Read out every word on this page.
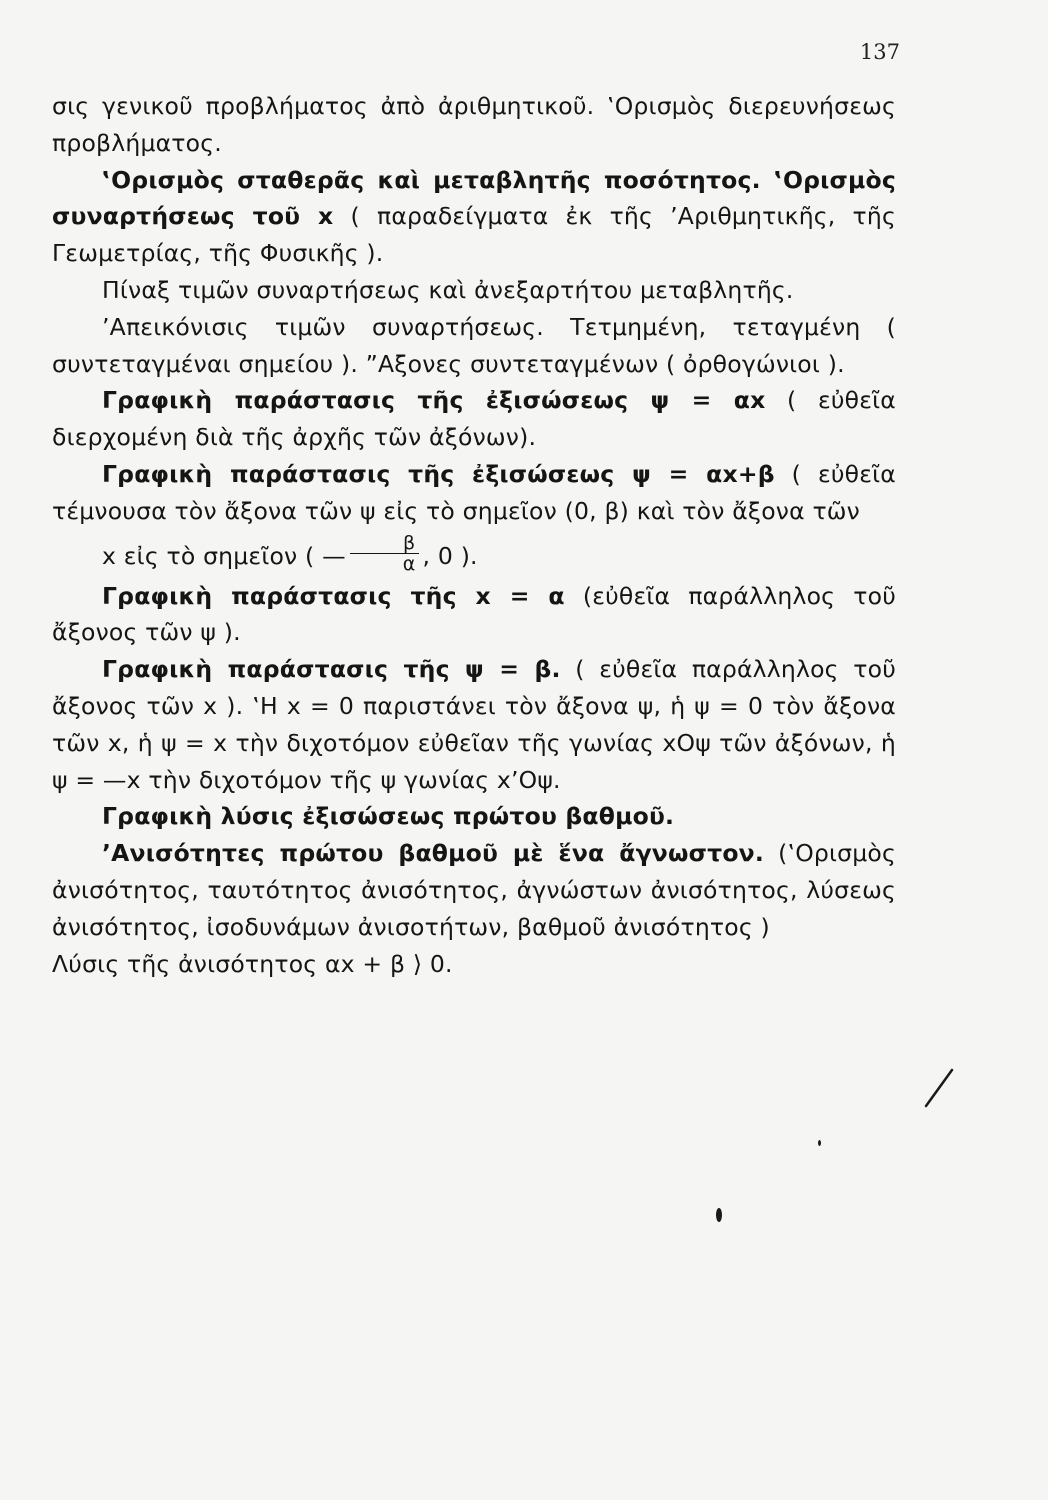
137

σις γενικοῦ προβλήματος ἀπὸ ἀριθμητικοῦ. ‛Ορισμὸς διερευνήσεως προβλήματος.

‛Ορισμὸς σταθερᾶς καὶ μεταβλητῆς ποσότητος. ‛Ορισμὸς συναρτήσεως τοῦ x ( παραδείγματα ἐκ τῆς ’Αριθμητικῆς, τῆς Γεωμετρίας, τῆς Φυσικῆς ).

Πίναξ τιμῶν συναρτήσεως καὶ ἀνεξαρτήτου μεταβλητῆς.

’Απεικόνισις τιμῶν συναρτήσεως. Τετμημένη, τεταγμένη ( συντεταγμέναι σημείου ). ”Αξονες συντεταγμένων ( ὀρθογώνιοι ).

Γραφικὴ παράστασις τῆς ἐξισώσεως ψ = αx ( εὐθεῖα διερχομένη διὰ τῆς ἀρχῆς τῶν ἀξόνων).

Γραφικὴ παράστασις τῆς ἐξισώσεως ψ = αx+β ( εὐθεῖα τέμνουσα τὸν ἄξονα τῶν ψ εἰς τὸ σημεῖον (0, β) καὶ τὸν ἄξονα τῶν
x εἰς τὸ σημεῖον ( — $\frac{\beta}{\alpha}$ , 0 ).

Γραφικὴ παράστασις τῆς x = α (εὐθεῖα παράλληλος τοῦ ἄξονος τῶν ψ ).

Γραφικὴ παράστασις τῆς ψ = β. ( εὐθεῖα παράλληλος τοῦ ἄξονος τῶν x ). ‛Η x = 0 παριστάνει τὸν ἄξονα ψ, ἡ ψ = 0 τὸν ἄξονα τῶν x, ἡ ψ = x τὴν διχοτόμον εὐθεῖαν τῆς γωνίας xOψ τῶν ἀξόνων, ἡ ψ = —x τὴν διχοτόμον τῆς ψ γωνίας x’Oψ.

Γραφικὴ λύσις ἐξισώσεως πρώτου βαθμοῦ.

’Ανισότητες πρώτου βαθμοῦ μὲ ἕνα ἄγνωστον. (‛Ορισμὸς ἀνισότητος, ταυτότητος ἀνισότητος, ἀγνώστων ἀνισότητος, λύσεως ἀνισότητος, ἰσοδυνάμων ἀνισοτήτων, βαθμοῦ ἀνισότητος )

Λύσις τῆς ἀνισότητος αx + β ⟩ 0.
